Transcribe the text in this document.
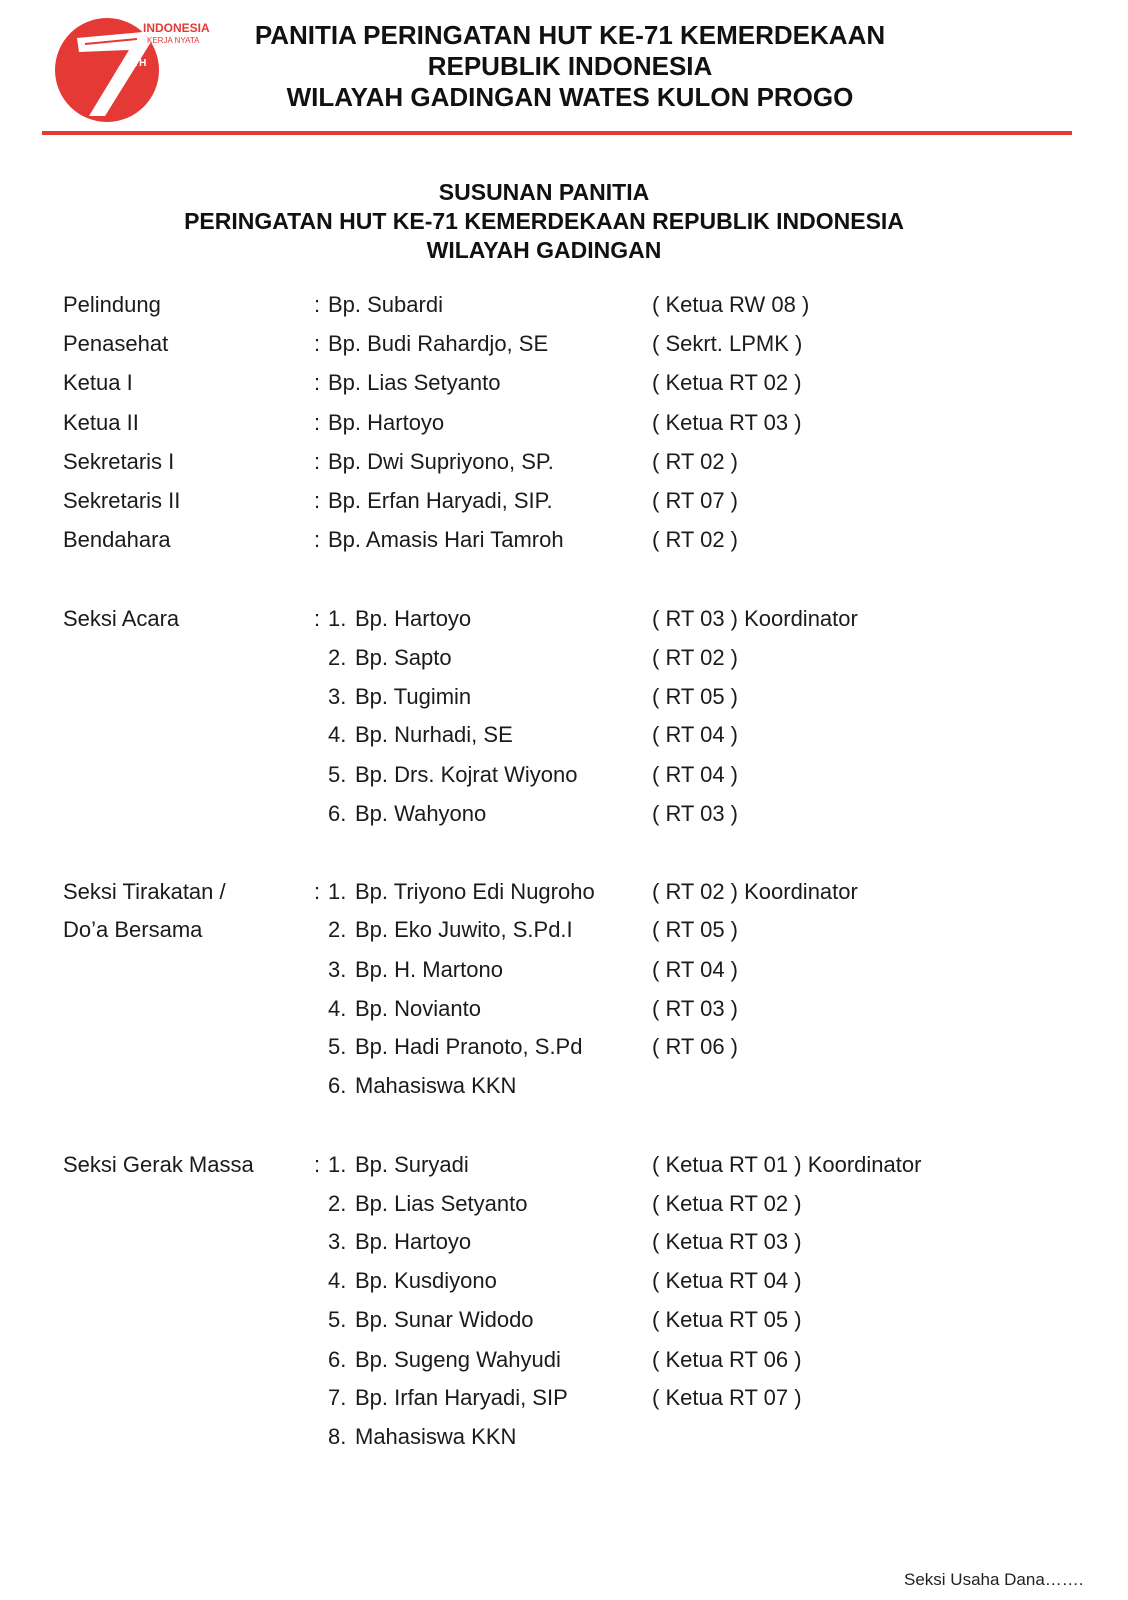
TH
INDONESIA
KERJA NYATA	PANITIA PERINGATAN HUT KE-71 KEMERDEKAAN
REPUBLIK INDONESIA
WILAYAH GADINGAN WATES KULON PROGO
SUSUNAN PANITIA
PERINGATAN HUT KE-71 KEMERDEKAAN REPUBLIK INDONESIA
WILAYAH GADINGAN
Pelindung	: Bp. Subardi	( Ketua RW 08 )
Penasehat	: Bp. Budi Rahardjo, SE	( Sekrt. LPMK )
Ketua I	: Bp. Lias Setyanto	( Ketua RT 02 )
Ketua II	: Bp. Hartoyo	( Ketua RT 03 )
Sekretaris I	: Bp. Dwi Supriyono, SP.	( RT 02 )
Sekretaris II	: Bp. Erfan Haryadi, SIP.	( RT 07 )
Bendahara	: Bp. Amasis Hari Tamroh	( RT 02 )
Seksi Acara	: 1. Bp. Hartoyo	( RT 03 ) Koordinator
2. Bp. Sapto	( RT 02 )
3. Bp. Tugimin	( RT 05 )
4. Bp. Nurhadi, SE	( RT 04 )
5. Bp. Drs. Kojrat Wiyono	( RT 04 )
6. Bp. Wahyono	( RT 03 )
Seksi Tirakatan /	: 1. Bp. Triyono Edi Nugroho	( RT 02 ) Koordinator
Do’a Bersama	2. Bp. Eko Juwito, S.Pd.I	( RT 05 )
3. Bp. H. Martono	( RT 04 )
4. Bp. Novianto	( RT 03 )
5. Bp. Hadi Pranoto, S.Pd	( RT 06 )
6. Mahasiswa KKN
Seksi Gerak Massa	: 1. Bp. Suryadi	( Ketua RT 01 ) Koordinator
2. Bp. Lias Setyanto	( Ketua RT 02 )
3. Bp. Hartoyo	( Ketua RT 03 )
4. Bp. Kusdiyono	( Ketua RT 04 )
5. Bp. Sunar Widodo	( Ketua RT 05 )
6. Bp. Sugeng Wahyudi	( Ketua RT 06 )
7. Bp. Irfan Haryadi, SIP	( Ketua RT 07 )
8. Mahasiswa KKN
Seksi Usaha Dana…….
